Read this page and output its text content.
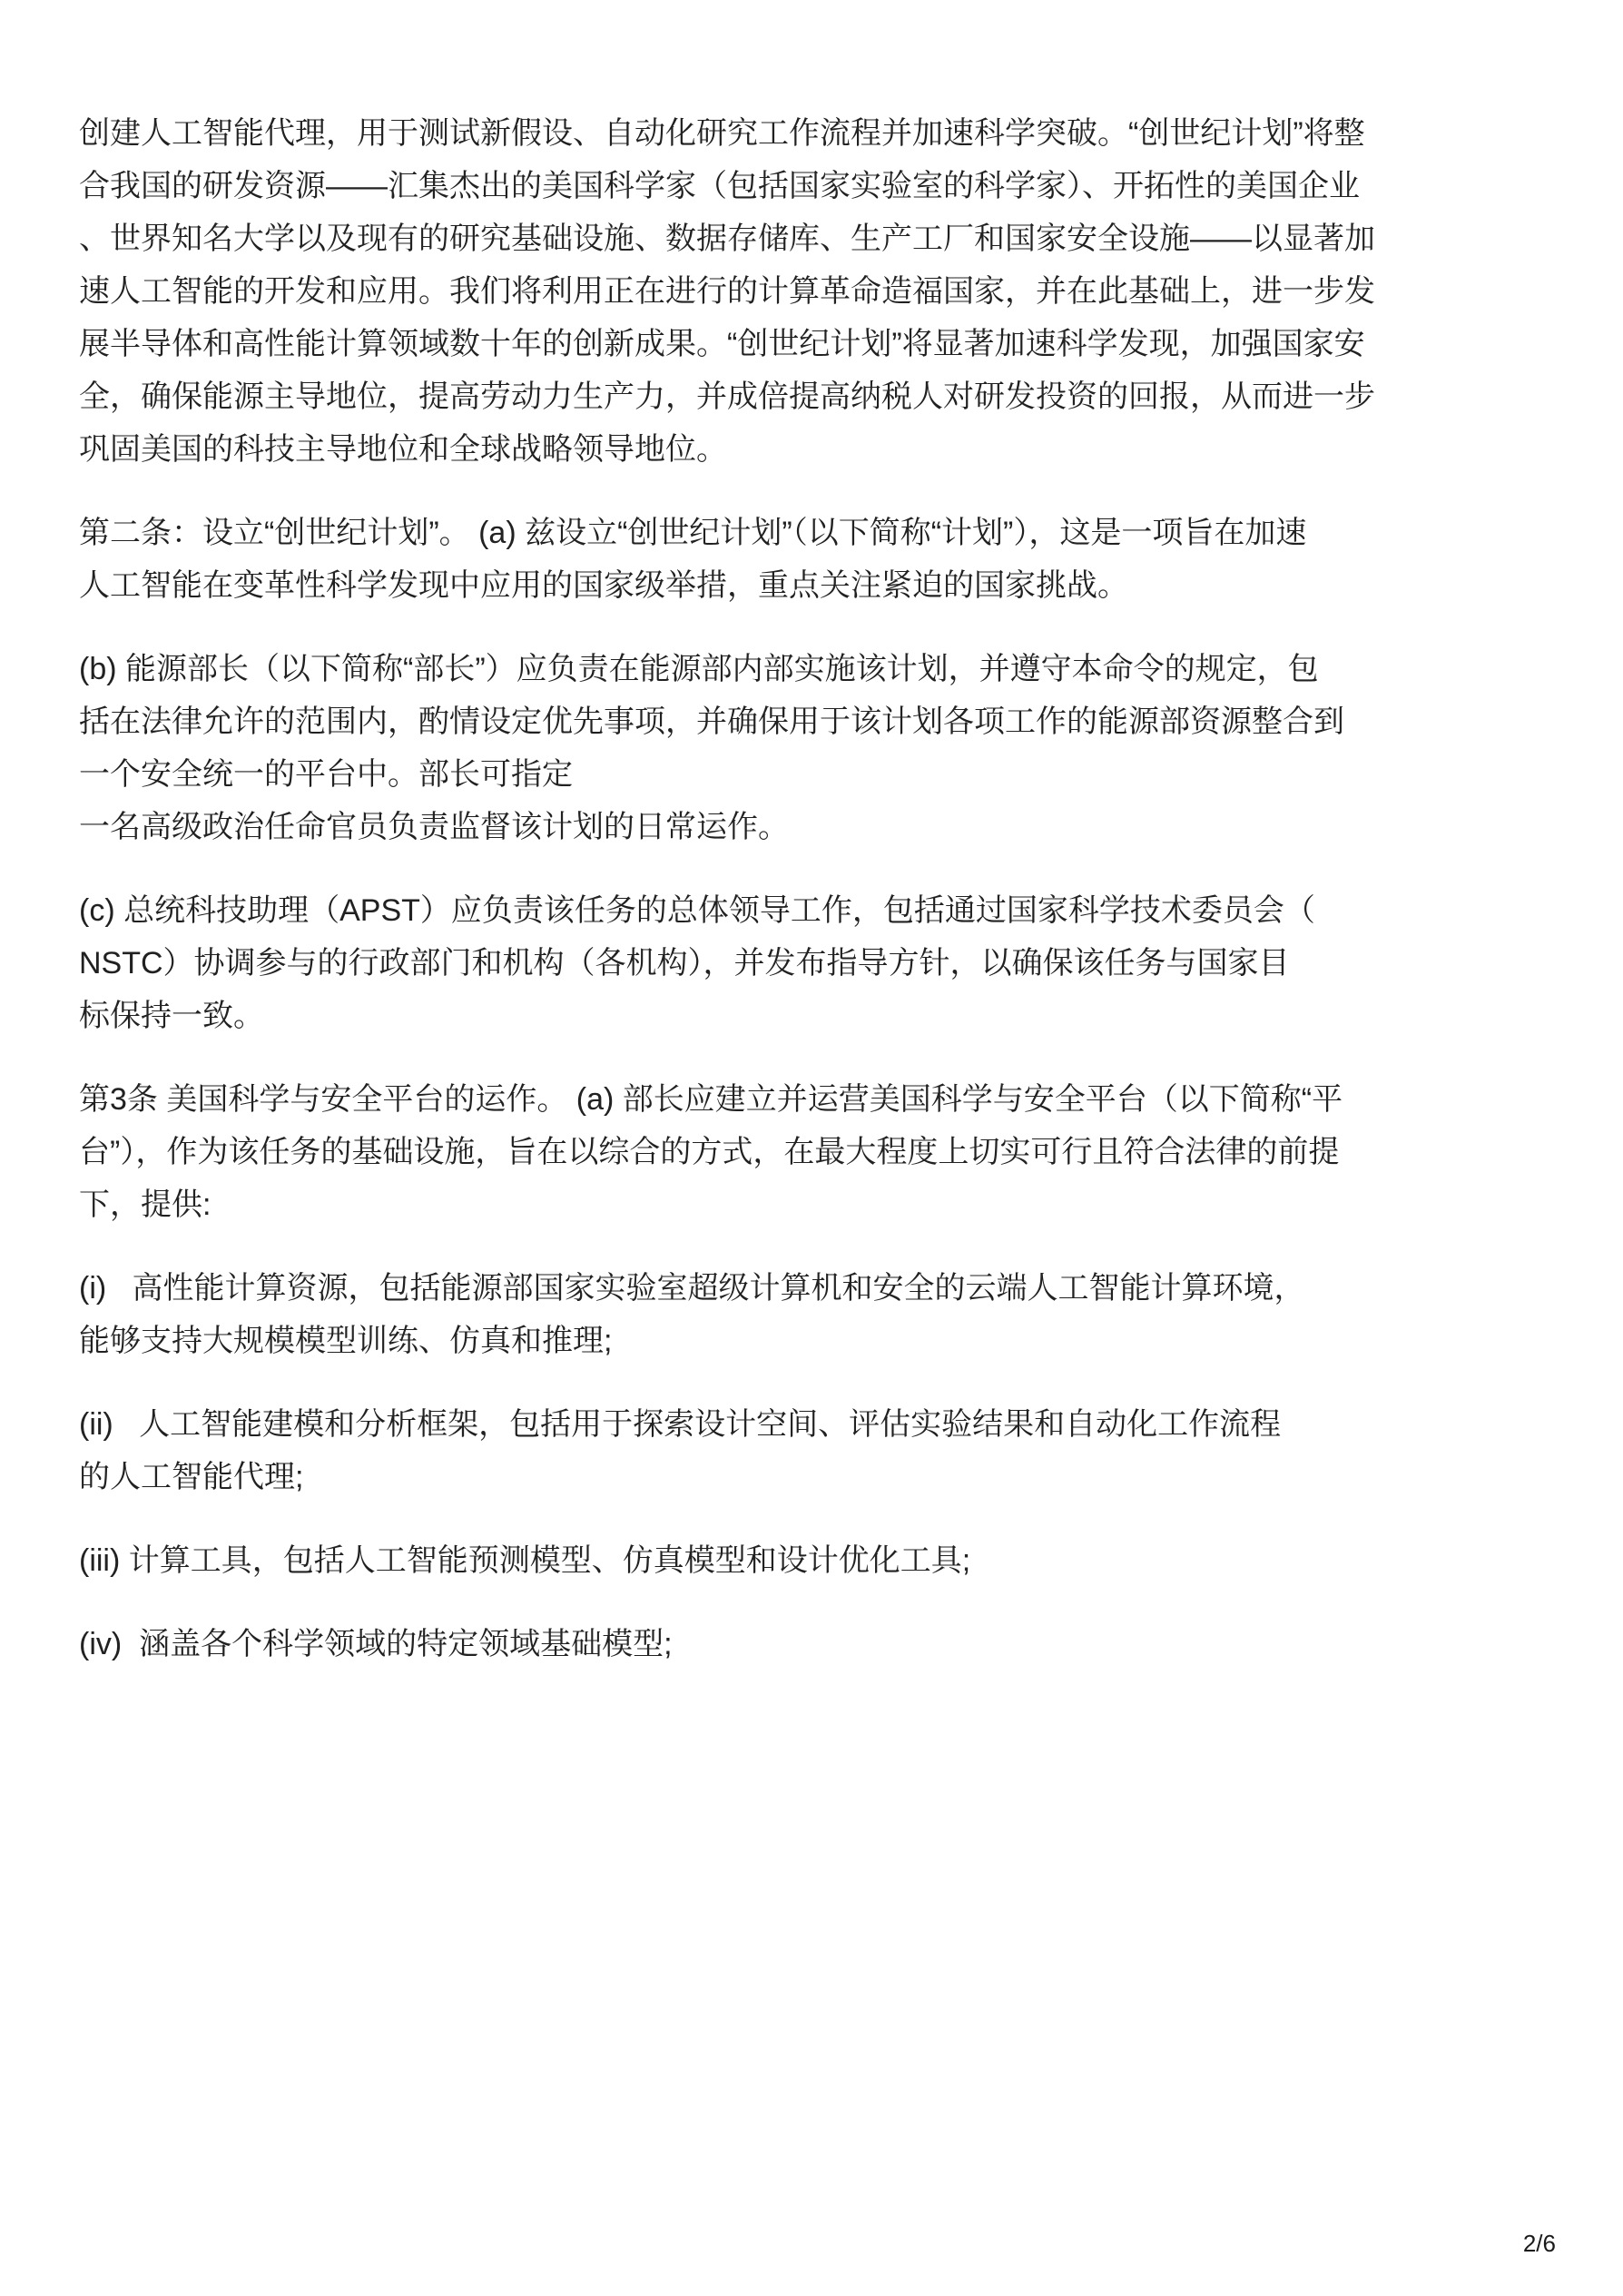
创建人工智能代理，用于测试新假设、自动化研究工作流程并加速科学突破。“创世纪计划”将整
合我国的研发资源——汇集杰出的美国科学家（包括国家实验室的科学家）、开拓性的美国企业
、世界知名大学以及现有的研究基础设施、数据存储库、生产工厂和国家安全设施——以显著加
速人工智能的开发和应用。我们将利用正在进行的计算革命造福国家，并在此基础上，进一步发
展半导体和高性能计算领域数十年的创新成果。“创世纪计划”将显著加速科学发现，加强国家安
全，确保能源主导地位，提高劳动力生产力，并成倍提高纳税人对研发投资的回报，从而进一步
巩固美国的科技主导地位和全球战略领导地位。

第二条：设立“创世纪计划”。 (a) 兹设立“创世纪计划”（以下简称“计划”），这是一项旨在加速
人工智能在变革性科学发现中应用的国家级举措，重点关注紧迫的国家挑战。

(b) 能源部长（以下简称“部长”）应负责在能源部内部实施该计划，并遵守本命令的规定，包
括在法律允许的范围内，酌情设定优先事项，并确保用于该计划各项工作的能源部资源整合到
一个安全统一的平台中。部长可指定
一名高级政治任命官员负责监督该计划的日常运作。

(c) 总统科技助理（APST）应负责该任务的总体领导工作，包括通过国家科学技术委员会（
NSTC）协调参与的行政部门和机构（各机构），并发布指导方针，以确保该任务与国家目
标保持一致。

第3条 美国科学与安全平台的运作。 (a) 部长应建立并运营美国科学与安全平台（以下简称“平
台”），作为该任务的基础设施，旨在以综合的方式，在最大程度上切实可行且符合法律的前提
下，提供:

(i)   高性能计算资源，包括能源部国家实验室超级计算机和安全的云端人工智能计算环境，
能够支持大规模模型训练、仿真和推理;

(ii)   人工智能建模和分析框架，包括用于探索设计空间、评估实验结果和自动化工作流程
的人工智能代理;

(iii) 计算工具，包括人工智能预测模型、仿真模型和设计优化工具;

(iv)  涵盖各个科学领域的特定领域基础模型;

2/6
